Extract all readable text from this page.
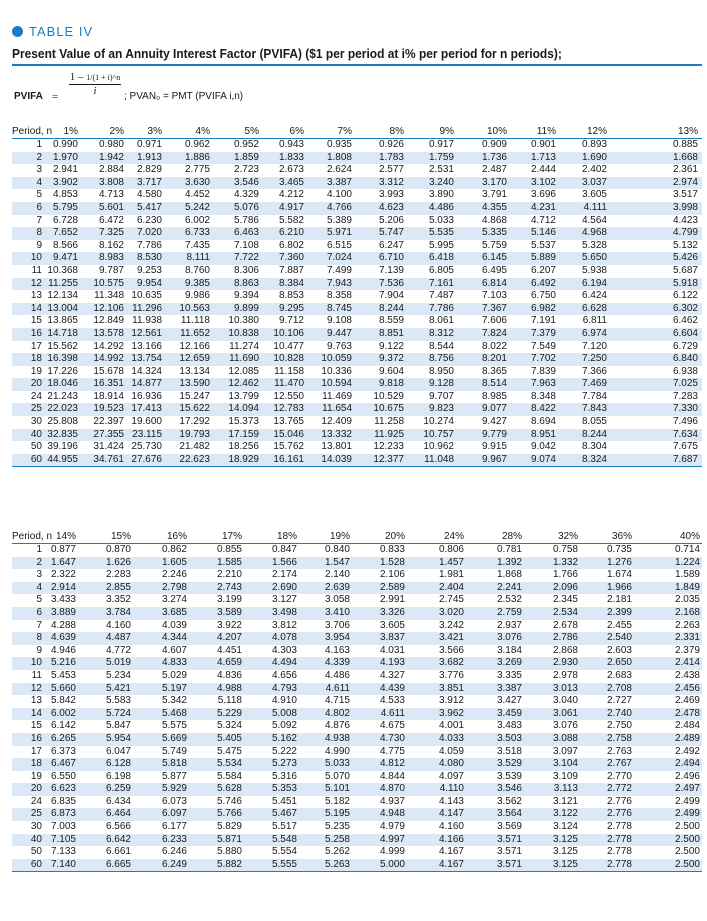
TABLE IV
Present Value of an Annuity Interest Factor (PVIFA) ($1 per period at i% per period for n periods);
PVIFA =
1 – 1/(1 + i)^n
i	; PVAN₀ = PMT (PVIFA i,n)
Period, n 1%	2% 3%	4%	5%	6%	7%	8%	9%	10%	11%	12%	13%
1 0.990 0.980 0.971 0.962 0.952 0.943 0.935	0.926 0.917	0.909 0.901	0.893	0.885
2 1.970 1.942 1.913 1.886 1.859 1.833 1.808	1.783 1.759	1.736 1.713	1.690	1.668
3 2.941 2.884 2.829 2.775 2.723 2.673 2.624	2.577 2.531	2.487 2.444	2.402	2.361
4 3.902 3.808 3.717 3.630 3.546 3.465 3.387	3.312 3.240	3.170 3.102	3.037	2.974
5 4.853 4.713 4.580 4.452 4.329 4.212 4.100	3.993 3.890	3.791 3.696	3.605	3.517
6 5.795 5.601 5.417 5.242 5.076 4.917 4.766	4.623 4.486	4.355 4.231	4.111	3.998
7 6.728 6.472 6.230 6.002 5.786 5.582 5.389	5.206 5.033	4.868 4.712	4.564	4.423
8 7.652 7.325 7.020 6.733 6.463 6.210 5.971	5.747 5.535	5.335 5.146	4.968	4.799
9 8.566 8.162 7.786 7.435 7.108 6.802 6.515	6.247 5.995	5.759 5.537	5.328	5.132
10 9.471 8.983 8.530 8.111 7.722 7.360 7.024	6.710 6.418	6.145 5.889	5.650	5.426
11 10.368 9.787 9.253 8.760 8.306 7.887 7.499	7.139 6.805	6.495 6.207	5.938	5.687
12 11.255 10.575 9.954 9.385 8.863 8.384 7.943	7.536 7.161	6.814 6.492	6.194	5.918
13 12.134 11.348 10.635 9.986 9.394 8.853 8.358	7.904 7.487	7.103 6.750	6.424	6.122
14 13.004 12.106 11.296 10.563 9.899 9.295 8.745	8.244 7.786	7.367 6.982	6.628	6.302
15 13.865 12.849 11.938 11.118 10.380 9.712 9.108	8.559 8.061	7.606 7.191	6.811	6.462
16 14.718 13.578 12.561 11.652 10.838 10.106 9.447	8.851 8.312	7.824 7.379	6.974	6.604
17 15.562 14.292 13.166 12.166 11.274 10.477 9.763	9.122 8.544	8.022 7.549	7.120	6.729
18 16.398 14.992 13.754 12.659 11.690 10.828 10.059	9.372 8.756	8.201 7.702	7.250	6.840
19 17.226 15.678 14.324 13.134 12.085 11.158 10.336	9.604 8.950	8.365 7.839	7.366	6.938
20 18.046 16.351 14.877 13.590 12.462 11.470 10.594	9.818 9.128	8.514 7.963	7.469	7.025
24 21.243 18.914 16.936 15.247 13.799 12.550 11.469 10.529 9.707	8.985 8.348	7.784	7.283
25 22.023 19.523 17.413 15.622 14.094 12.783 11.654 10.675 9.823	9.077 8.422	7.843	7.330
30 25.808 22.397 19.600 17.292 15.373 13.765 12.409 11.258 10.274	9.427 8.694	8.055	7.496
40 32.835 27.355 23.115 19.793 17.159 15.046 13.332 11.925 10.757	9.779 8.951	8.244	7.634
50 39.196 31.424 25.730 21.482 18.256 15.762 13.801 12.233 10.962	9.915 9.042	8.304	7.675
60 44.955 34.761 27.676 22.623 18.929 16.161 14.039 12.377 11.048	9.967 9.074	8.324	7.687
Period, n 14%	15%	16%	17%	18%	19%	20%	24%	28%	32%	36%	40%
1 0.877	0.870	0.862	0.855	0.847	0.840	0.833	0.806	0.781	0.758	0.735	0.714
2 1.647	1.626	1.605	1.585	1.566	1.547	1.528	1.457	1.392	1.332	1.276	1.224
3 2.322	2.283	2.246	2.210	2.174	2.140	2.106	1.981	1.868	1.766	1.674	1.589
4 2.914	2.855	2.798	2.743	2.690	2.639	2.589	2.404	2.241	2.096	1.966	1.849
5 3.433	3.352	3.274	3.199	3.127	3.058	2.991	2.745	2.532	2.345	2.181	2.035
6 3.889	3.784	3.685	3.589	3.498	3.410	3.326	3.020	2.759	2.534	2.399	2.168
7 4.288	4.160	4.039	3.922	3.812	3.706	3.605	3.242	2.937	2.678	2.455	2.263
8 4.639	4.487	4.344	4.207	4.078	3.954	3.837	3.421	3.076	2.786	2.540	2.331
9 4.946	4.772	4.607	4.451	4.303	4.163	4.031	3.566	3.184	2.868	2.603	2.379
10 5.216	5.019	4.833	4.659	4.494	4.339	4.193	3.682	3.269	2.930	2.650	2.414
11 5.453	5.234	5.029	4.836	4.656	4.486	4.327	3.776	3.335	2.978	2.683	2.438
12 5.660	5.421	5.197	4.988	4.793	4.611	4.439	3.851	3.387	3.013	2.708	2.456
13 5.842	5.583	5.342	5.118	4.910	4.715	4.533	3.912	3.427	3.040	2.727	2.469
14 6.002	5.724	5.468	5.229	5.008	4.802	4.611	3.962	3.459	3.061	2.740	2.478
15 6.142	5.847	5.575	5.324	5.092	4.876	4.675	4.001	3.483	3.076	2.750	2.484
16 6.265	5.954	5.669	5.405	5.162	4.938	4.730	4.033	3.503	3.088	2.758	2.489
17 6.373	6.047	5.749	5.475	5.222	4.990	4.775	4.059	3.518	3.097	2.763	2.492
18 6.467	6.128	5.818	5.534	5.273	5.033	4.812	4.080	3.529	3.104	2.767	2.494
19 6.550	6.198	5.877	5.584	5.316	5.070	4.844	4.097	3.539	3.109	2.770	2.496
20 6.623	6.259	5.929	5.628	5.353	5.101	4.870	4.110	3.546	3.113	2.772	2.497
24 6.835	6.434	6.073	5.746	5.451	5.182	4.937	4.143	3.562	3.121	2.776	2.499
25 6.873	6.464	6.097	5.766	5.467	5.195	4.948	4.147	3.564	3.122	2.776	2.499
30 7.003	6.566	6.177	5.829	5.517	5.235	4.979	4.160	3.569	3.124	2.778	2.500
40 7.105	6.642	6.233	5.871	5.548	5.258	4.997	4.166	3.571	3.125	2.778	2.500
50 7.133	6.661	6.246	5.880	5.554	5.262	4.999	4.167	3.571	3.125	2.778	2.500
60 7.140	6.665	6.249	5.882	5.555	5.263	5.000	4.167	3.571	3.125	2.778	2.500
